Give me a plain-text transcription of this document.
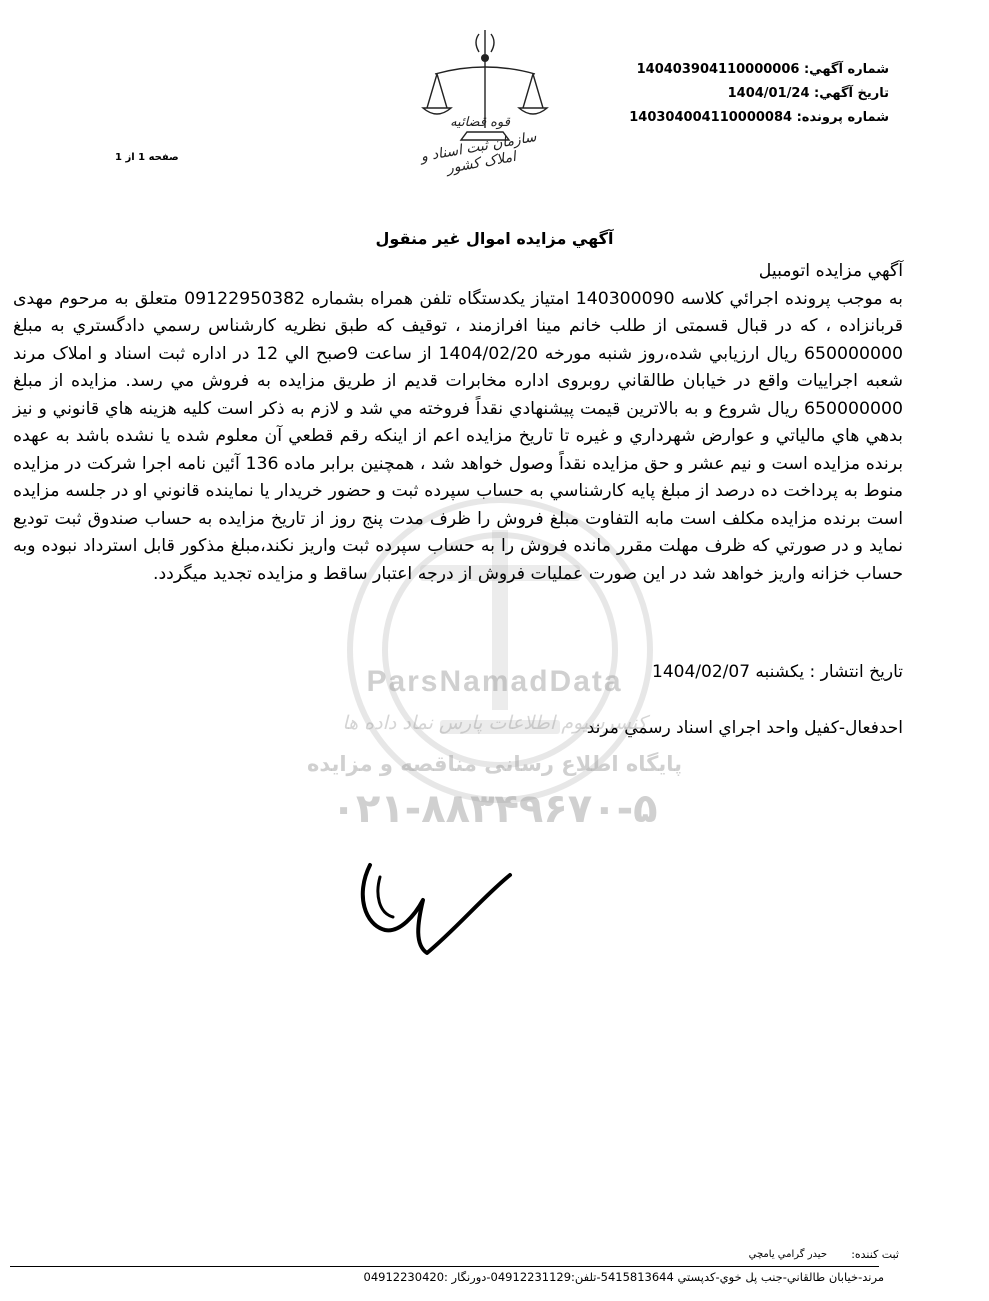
ParsNamadData
کنسرسیوم اطلاعات پارس نماد داده ها
پایگاه اطلاع رسانی مناقصه و مزایده
۰۲۱-۸۸۳۴۹۶۷۰-۵
شماره آگهي: 140403904110000006
تاريخ آگهي: 1404/01/24
شماره پرونده: 140304004110000084
صفحه 1 از 1
قوه قضائیه
سازمان ثبت اسناد و املاک کشور
آگهي مزايده اموال غير منقول
آگهي مزايده اتومبيل
به موجب پرونده اجرائي كلاسه 140300090 امتياز يكدستگاه تلفن همراه بشماره 09122950382 متعلق به مرحوم مهدی قربانزاده ، كه در قبال قسمتی از طلب خانم مينا افرازمند ، توقيف كه طبق نظريه كارشناس رسمي دادگستري به مبلغ 650000000 ريال ارزيابي شده،روز شنبه مورخه 1404/02/20 از ساعت 9صبح الي 12 در اداره ثبت اسناد و املاک مرند شعبه اجراييات واقع در خيابان طالقاني روبروی اداره مخابرات قديم از طريق مزايده به فروش مي رسد. مزايده از مبلغ 650000000 ريال شروع و به بالاترين قيمت پيشنهادي نقداً فروخته مي شد و لازم به ذکر است كليه هزينه هاي قانوني و نيز بدهي هاي مالياتي و عوارض شهرداري و غيره تا تاريخ مزايده اعم از اينكه رقم قطعي آن معلوم شده يا نشده باشد به عهده برنده مزايده است و نيم عشر و حق مزايده نقداً وصول خواهد شد ، همچنين برابر ماده 136 آئين نامه اجرا شركت در مزايده منوط به پرداخت ده درصد از مبلغ پايه كارشناسي به حساب سپرده ثبت و حضور خريدار يا نماينده قانوني او در جلسه مزايده است برنده مزايده مكلف است مابه التفاوت مبلغ فروش را ظرف مدت پنج روز از تاريخ مزايده به حساب صندوق ثبت توديع نمايد و در صورتي كه ظرف مهلت مقرر مانده فروش را به حساب سپرده ثبت واريز نكند،مبلغ مذكور قابل استرداد نبوده وبه حساب خزانه واريز خواهد شد در اين صورت عمليات فروش از درجه اعتبار ساقط و مزايده تجديد ميگردد.
تاريخ انتشار : يكشنبه 1404/02/07
احدفعال-كفيل واحد اجراي اسناد رسمي مرند
ثبت كننده:
حيدر گرامي يامچي
مرند-خيابان طالقاني-جنب پل خوي-كدپستي 5415813644-تلفن:04912231129-دورنگار :04912230420
